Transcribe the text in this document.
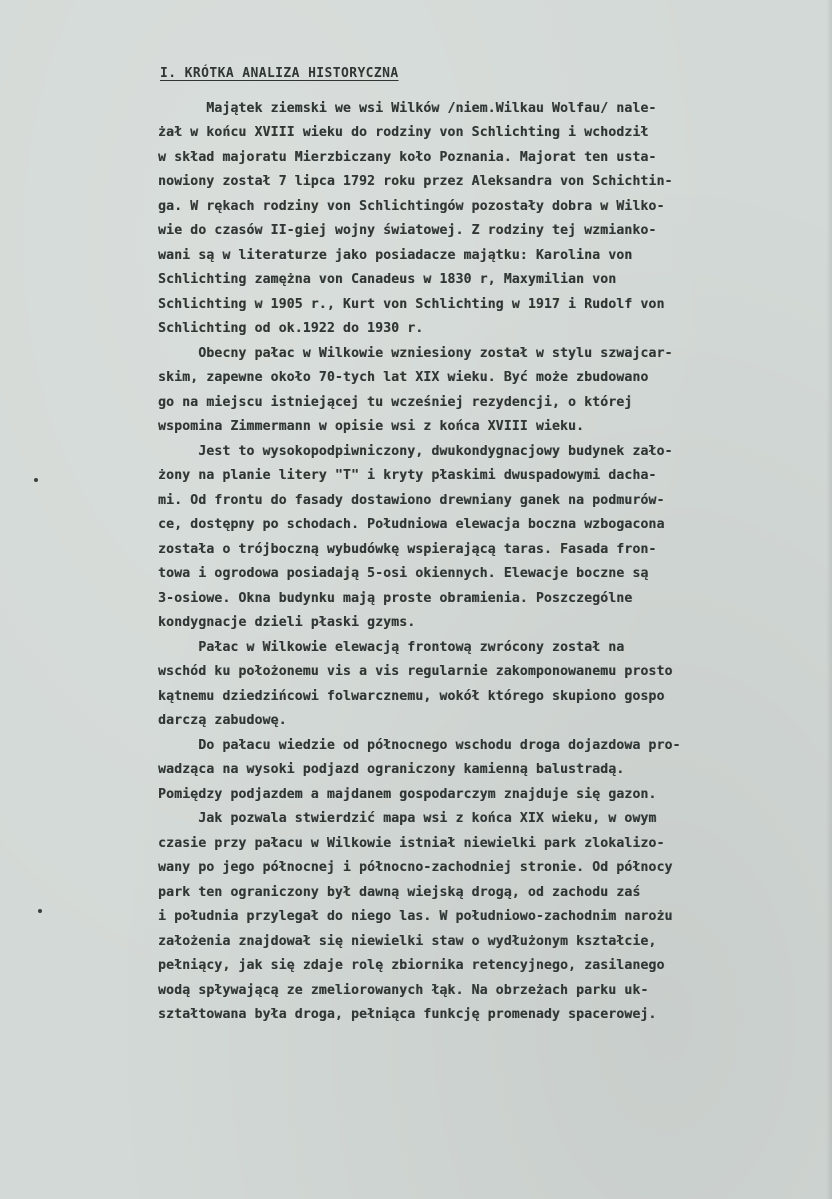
I. KRÓTKA ANALIZA HISTORYCZNA
Majątek ziemski we wsi Wilków /niem.Wilkau Wolfau/ nale-
żał w końcu XVIII wieku do rodziny von Schlichting i wchodził
w skład majoratu Mierzbiczany koło Poznania. Majorat ten usta-
nowiony został 7 lipca 1792 roku przez Aleksandra von Schichtin-
ga. W rękach rodziny von Schlichtingów pozostały dobra w Wilko-
wie do czasów II-giej wojny światowej. Z rodziny tej wzmianko-
wani są w literaturze jako posiadacze majątku: Karolina von
Schlichting zamężna von Canadeus w 1830 r, Maxymilian von
Schlichting w 1905 r., Kurt von Schlichting w 1917 i Rudolf von
Schlichting od ok.1922 do 1930 r.
Obecny pałac w Wilkowie wzniesiony został w stylu szwajcar-
skim, zapewne około 70-tych lat XIX wieku. Być może zbudowano
go na miejscu istniejącej tu wcześniej rezydencji, o której
wspomina Zimmermann w opisie wsi z końca XVIII wieku.
Jest to wysokopodpiwniczony, dwukondygnacjowy budynek zało-
żony na planie litery "T" i kryty płaskimi dwuspadowymi dacha-
mi. Od frontu do fasady dostawiono drewniany ganek na podmurów-
ce, dostępny po schodach. Południowa elewacja boczna wzbogacona
została o trójboczną wybudówkę wspierającą taras. Fasada fron-
towa i ogrodowa posiadają 5-osi okiennych. Elewacje boczne są
3-osiowe. Okna budynku mają proste obramienia. Poszczególne
kondygnacje dzieli płaski gzyms.
Pałac w Wilkowie elewacją frontową zwrócony został na
wschód ku położonemu vis a vis regularnie zakomponowanemu prosto
kątnemu dziedzińcowi folwarcznemu, wokół którego skupiono gospo
darczą zabudowę.
Do pałacu wiedzie od północnego wschodu droga dojazdowa pro-
wadząca na wysoki podjazd ograniczony kamienną balustradą.
Pomiędzy podjazdem a majdanem gospodarczym znajduje się gazon.
Jak pozwala stwierdzić mapa wsi z końca XIX wieku, w owym
czasie przy pałacu w Wilkowie istniał niewielki park zlokalizo-
wany po jego północnej i północno-zachodniej stronie. Od północy
park ten ograniczony był dawną wiejską drogą, od zachodu zaś
i południa przylegał do niego las. W południowo-zachodnim narożu
założenia znajdował się niewielki staw o wydłużonym kształcie,
pełniący, jak się zdaje rolę zbiornika retencyjnego, zasilanego
wodą spływającą ze zmeliorowanych łąk. Na obrzeżach parku uk-
ształtowana była droga, pełniąca funkcję promenady spacerowej.
